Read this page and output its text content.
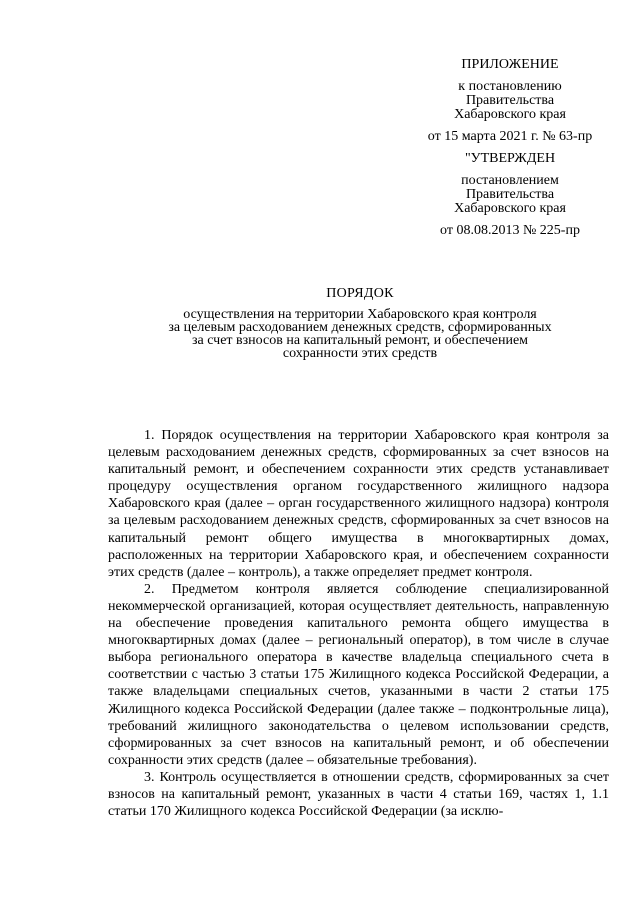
ПРИЛОЖЕНИЕ
к постановлению
Правительства
Хабаровского края
от 15 марта 2021 г. № 63-пр
"УТВЕРЖДЕН
постановлением
Правительства
Хабаровского края
от 08.08.2013 № 225-пр
ПОРЯДОК
осуществления на территории Хабаровского края контроля
за целевым расходованием денежных средств, сформированных
за счет взносов на капитальный ремонт, и обеспечением
сохранности этих средств

1. Порядок осуществления на территории Хабаровского края контроля за целевым расходованием денежных средств, сформированных за счет взносов на капитальный ремонт, и обеспечением сохранности этих средств устанавливает процедуру осуществления органом государственного жилищного надзора Хабаровского края (далее – орган государственного жилищного надзора) контроля за целевым расходованием денежных средств, сформированных за счет взносов на капитальный ремонт общего имущества в многоквартирных домах, расположенных на территории Хабаровского края, и обеспечением сохранности этих средств (далее – контроль), а также определяет предмет контроля.

2. Предметом контроля является соблюдение специализированной некоммерческой организацией, которая осуществляет деятельность, направленную на обеспечение проведения капитального ремонта общего имущества в многоквартирных домах (далее – региональный оператор), в том числе в случае выбора регионального оператора в качестве владельца специального счета в соответствии с частью 3 статьи 175 Жилищного кодекса Российской Федерации, а также владельцами специальных счетов, указанными в части 2 статьи 175 Жилищного кодекса Российской Федерации (далее также – подконтрольные лица), требований жилищного законодательства о целевом использовании средств, сформированных за счет взносов на капитальный ремонт, и об обеспечении сохранности этих средств (далее – обязательные требования).

3. Контроль осуществляется в отношении средств, сформированных за счет взносов на капитальный ремонт, указанных в части 4 статьи 169, частях 1, 1.1 статьи 170 Жилищного кодекса Российской Федерации (за исклю-
